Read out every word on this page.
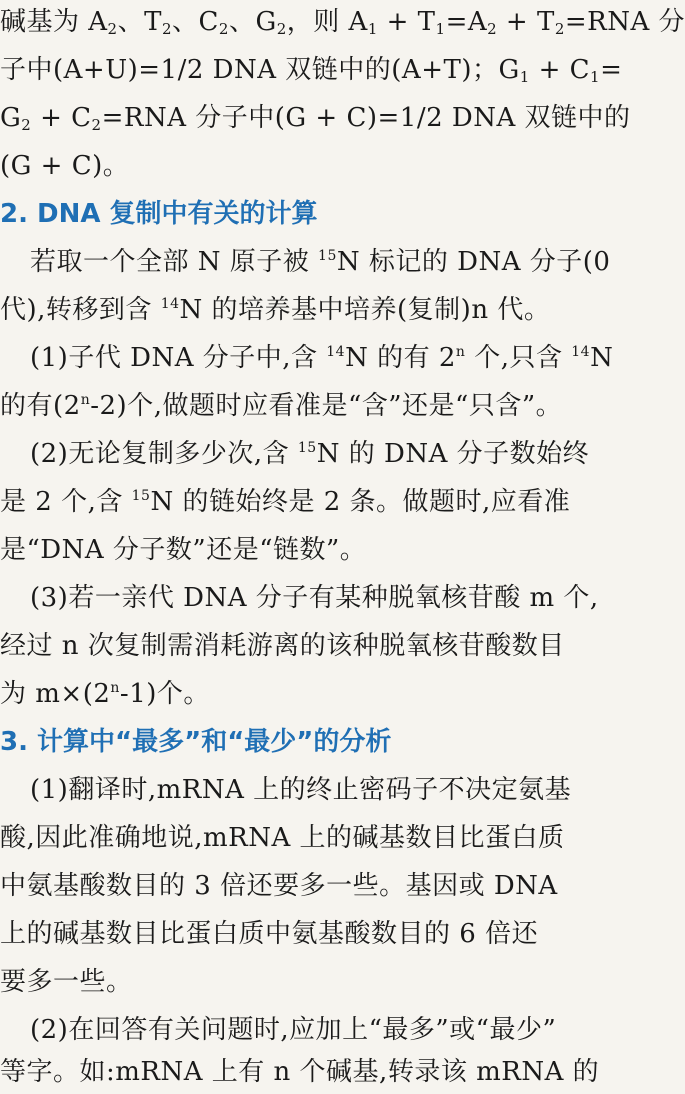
碱基为 $A_2$、$T_2$、$C_2$、$G_2$，则 $A_1 + T_1=A_2 + T_2=RNA$ 分
子中(A+U)=1/2 DNA 双链中的(A+T)；$G_1 + C_1=$
$G_2 + C_2=RNA$ 分子中(G + C)=1/2 DNA 双链中的
(G + C)。
2. DNA 复制中有关的计算
若取一个全部 N 原子被 $^{15}$N 标记的 DNA 分子(0
代),转移到含 $^{14}$N 的培养基中培养(复制)n 代。
(1)子代 DNA 分子中,含 $^{14}$N 的有 2$^n$ 个,只含 $^{14}$N
的有(2$^n$-2)个,做题时应看准是“含”还是“只含”。
(2)无论复制多少次,含 $^{15}$N 的 DNA 分子数始终
是 2 个,含 $^{15}$N 的链始终是 2 条。做题时,应看准
是“DNA 分子数”还是“链数”。
(3)若一亲代 DNA 分子有某种脱氧核苷酸 m 个,
经过 n 次复制需消耗游离的该种脱氧核苷酸数目
为 $m\times(2^n-1)$个。
3. 计算中“最多”和“最少”的分析
(1)翻译时,mRNA 上的终止密码子不决定氨基
酸,因此准确地说,mRNA 上的碱基数目比蛋白质
中氨基酸数目的 3 倍还要多一些。基因或 DNA
上的碱基数目比蛋白质中氨基酸数目的 6 倍还
要多一些。
(2)在回答有关问题时,应加上“最多”或“最少”
等字。如:mRNA 上有 n 个碱基,转录该 mRNA 的
